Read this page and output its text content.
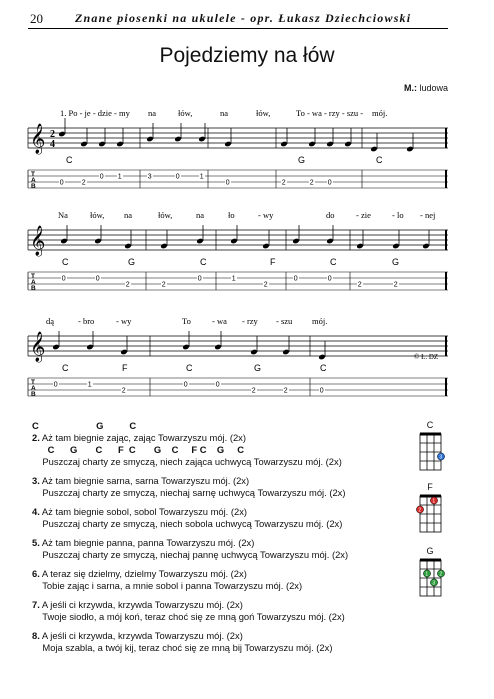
20	Znane piosenki na ukulele - opr. Łukasz Dziechciowski
Pojedziemy na łów
M.: ludowa
𝄞 2
4
1. Po - je - dzie - my na	łów,	na	łów,	To - wa - rzy - szu - mój.
C	G	C
T
A
B	0	2
0 1	3	0	1
0	2	2 0
𝄞
Na	łów, na	łów,	na	ło	- wy	do	- zie - lo - nej
C	G	C	F	C	G
T
A
B
0	0
2	2
0	1
2
0	0
2	2
𝄞
dą	- bro	- wy	To - wa - rzy - szu mój.
C	F	C	G	C
T
A
B
0	1
2
0	0
2	2	0
© Ł. DZ
C                      G          C
2. Aż tam biegnie zając, zając Towarzyszu mój. (2x)
C      G       C      F  C       G    C     F C    G     C
Puszczaj charty ze smyczą, niech zająca uchwycą Towarzyszu mój. (2x)
3. Aż tam biegnie sarna, sarna Towarzyszu mój. (2x)
Puszczaj charty ze smyczą, niechaj sarnę uchwycą Towarzyszu mój. (2x)
4. Aż tam biegnie sobol, sobol Towarzyszu mój. (2x)
Puszczaj charty ze smyczą, niech sobola uchwycą Towarzyszu mój. (2x)
5. Aż tam biegnie panna, panna Towarzyszu mój. (2x)
Puszczaj charty ze smyczą, niechaj pannę uchwycą Towarzyszu mój. (2x)
6. A teraz się dzielmy, dzielmy Towarzyszu mój. (2x)
Tobie zając i sarna, a mnie sobol i panna Towarzyszu mój. (2x)
7. A jeśli ci krzywda, krzywda Towarzyszu mój. (2x)
Twoje siodło, a mój koń, teraz choć się ze mną goń Towarzyszu mój. (2x)
8. A jeśli ci krzywda, krzywda Towarzyszu mój. (2x)
Moja szabla, a twój kij, teraz choć się ze mną bij Towarzyszu mój. (2x)
C
3
F
2
1
G
1
3
2
